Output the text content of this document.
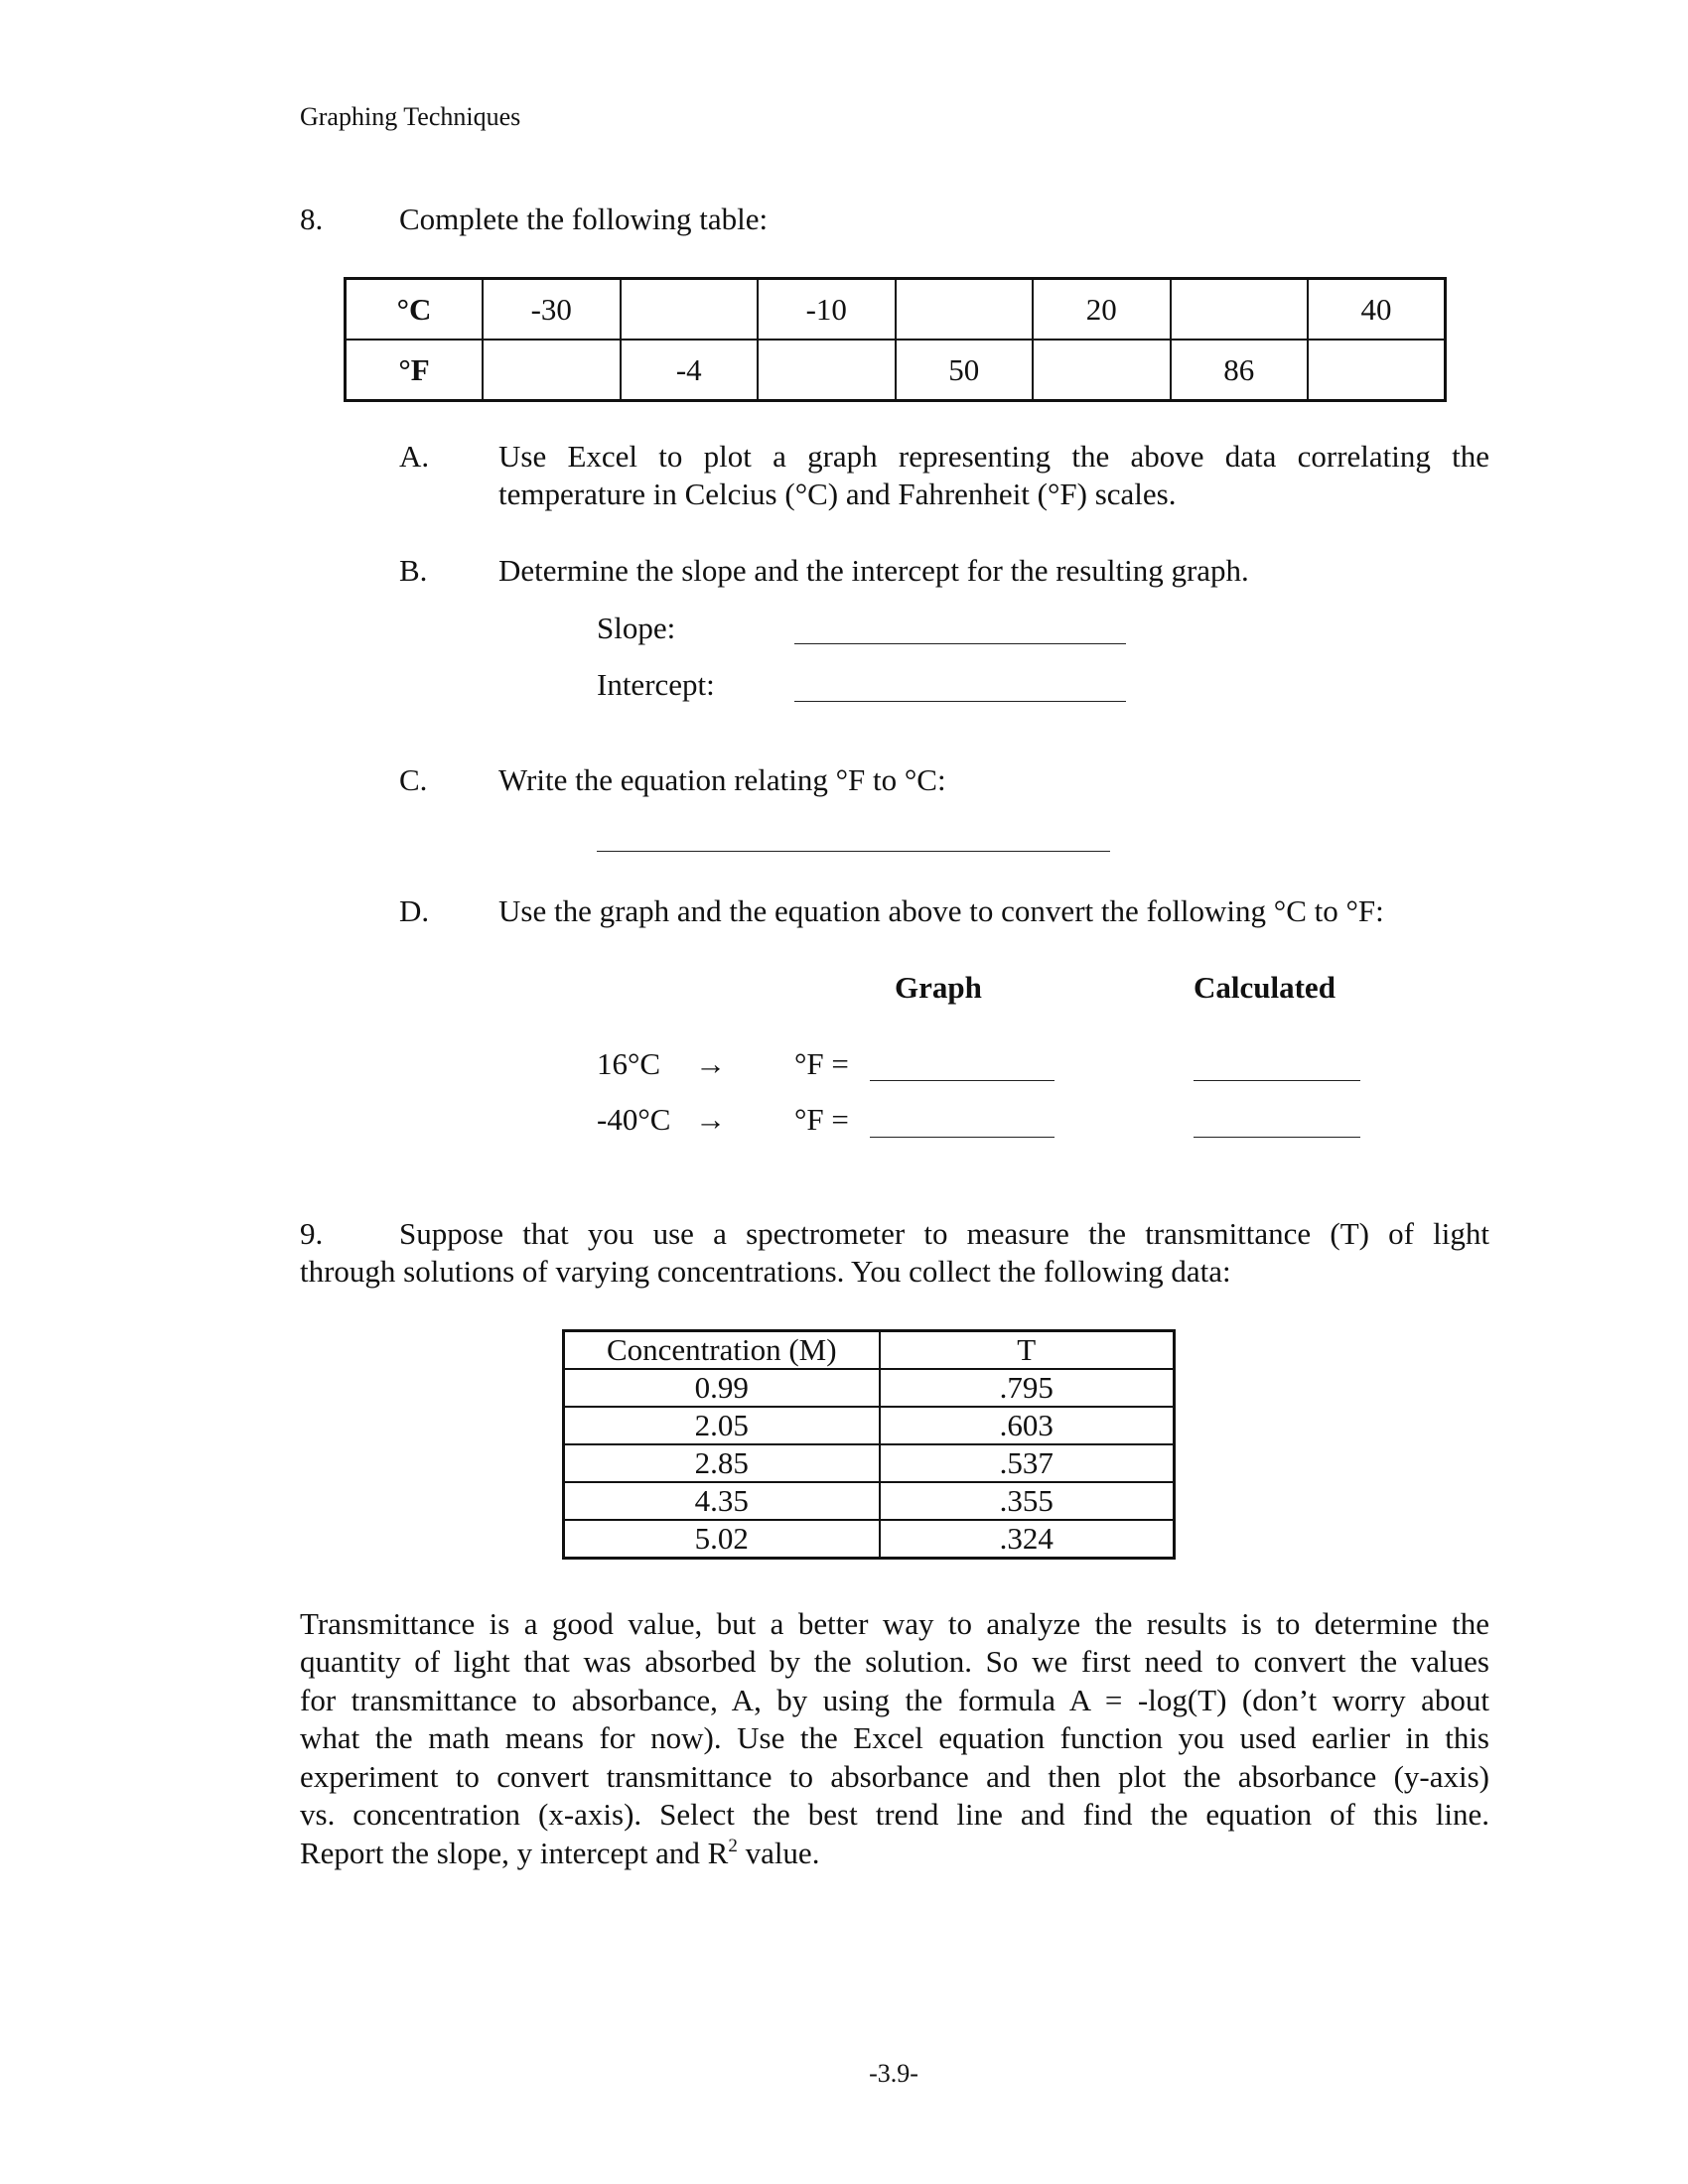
Graphing Techniques
8. Complete the following table:
°C	-30		-10		20		40
°F		-4		50		86	
A. Use Excel to plot a graph representing the above data correlating the
temperature in Celcius (°C) and Fahrenheit (°F) scales.
B. Determine the slope and the intercept for the resulting graph.
Slope:
Intercept:
C. Write the equation relating °F to °C:
D. Use the graph and the equation above to convert the following °C to °F:
Graph	Calculated
16°C → °F =
-40°C → °F =
9. Suppose that you use a spectrometer to measure the transmittance (T) of light
through solutions of varying concentrations. You collect the following data:
Concentration (M)	T
0.99	.795
2.05	.603
2.85	.537
4.35	.355
5.02	.324
Transmittance is a good value, but a better way to analyze the results is to determine the
quantity of light that was absorbed by the solution. So we first need to convert the values
for transmittance to absorbance, A, by using the formula A = -log(T) (don’t worry about
what the math means for now). Use the Excel equation function you used earlier in this
experiment to convert transmittance to absorbance and then plot the absorbance (y-axis)
vs. concentration (x-axis). Select the best trend line and find the equation of this line.
Report the slope, y intercept and $R^2$ value.
-3.9-
